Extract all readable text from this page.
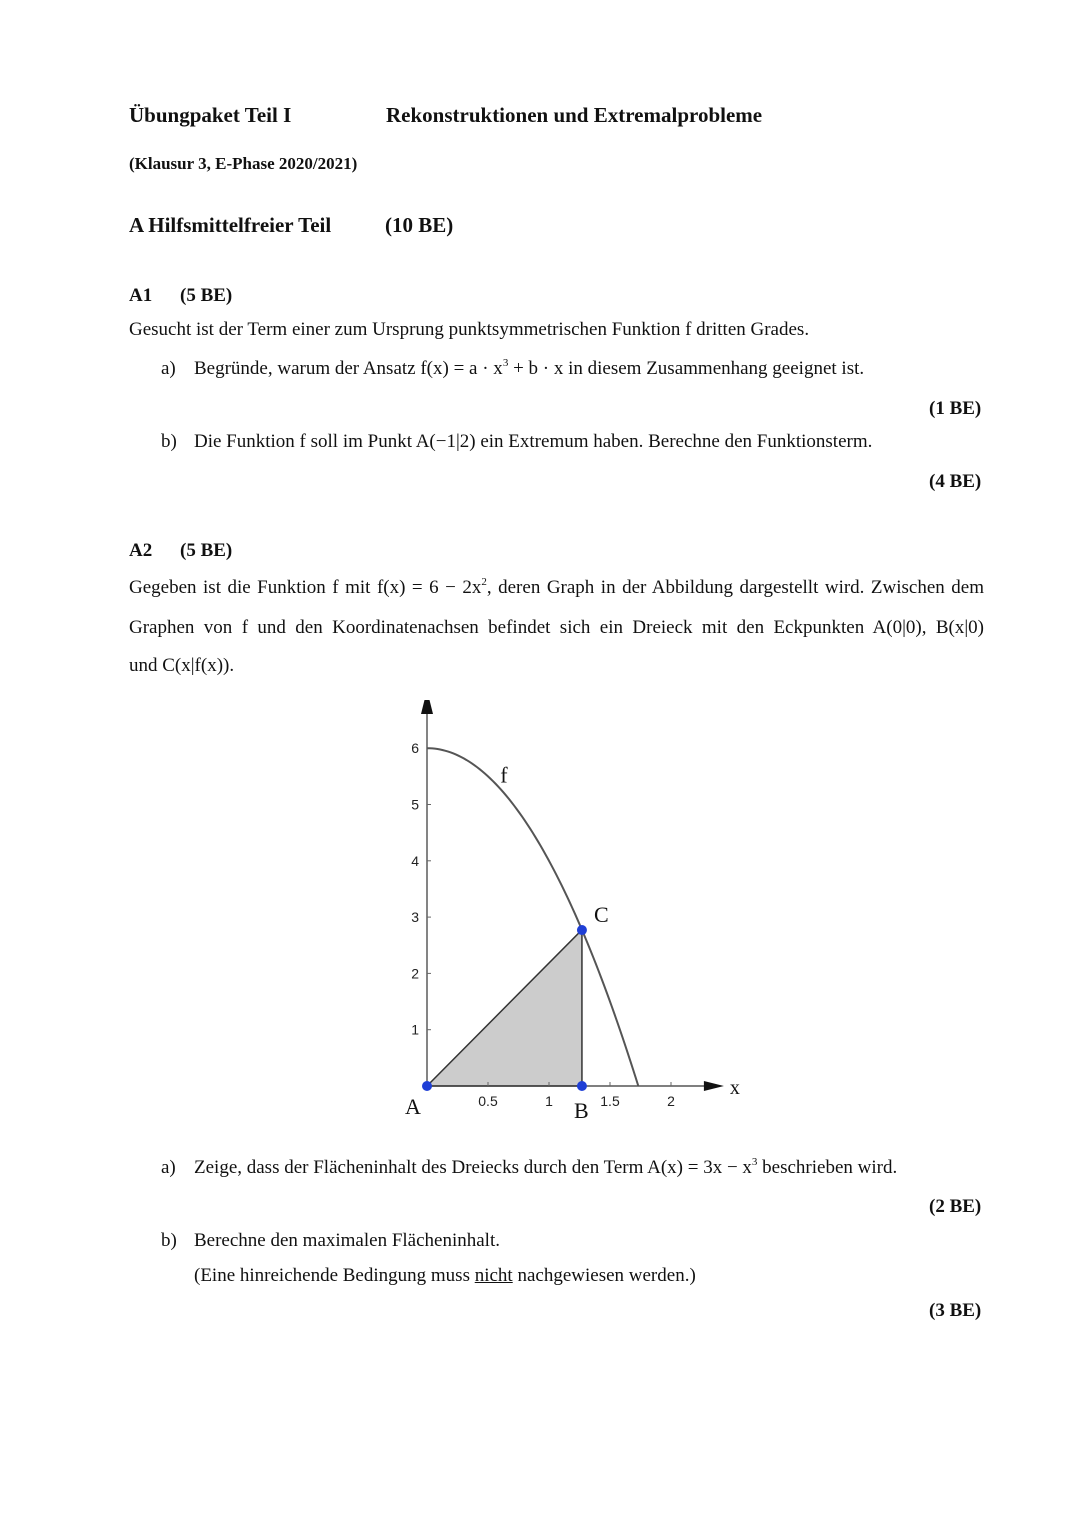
Übungpaket Teil I	Rekonstruktionen und Extremalprobleme
(Klausur 3, E-Phase 2020/2021)
A Hilfsmittelfreier Teil	(10 BE)
A1 (5 BE)
Gesucht ist der Term einer zum Ursprung punktsymmetrischen Funktion f dritten Grades.
a) Begründe, warum der Ansatz $f(x) = a \cdot x^3 + b \cdot x$ in diesem Zusammenhang geeignet ist.
(1 BE)
b) Die Funktion f soll im Punkt A(−1|2) ein Extremum haben. Berechne den Funktionsterm.
(4 BE)
A2 (5 BE)
Gegeben ist die Funktion f mit $f(x) = 6 - 2x^2$, deren Graph in der Abbildung dargestellt wird. Zwischen dem
Graphen von f und den Koordinatenachsen befindet sich ein Dreieck mit den Eckpunkten A(0|0), B(x|0)
und C(x|f(x)).
0.5	1	1.5	2
1
2
3
4
5
6
f
x
A	B
C
a) Zeige, dass der Flächeninhalt des Dreiecks durch den Term $A(x) = 3x - x^3$ beschrieben wird.
(2 BE)
b) Berechne den maximalen Flächeninhalt.
(Eine hinreichende Bedingung muss nicht nachgewiesen werden.)
(3 BE)
